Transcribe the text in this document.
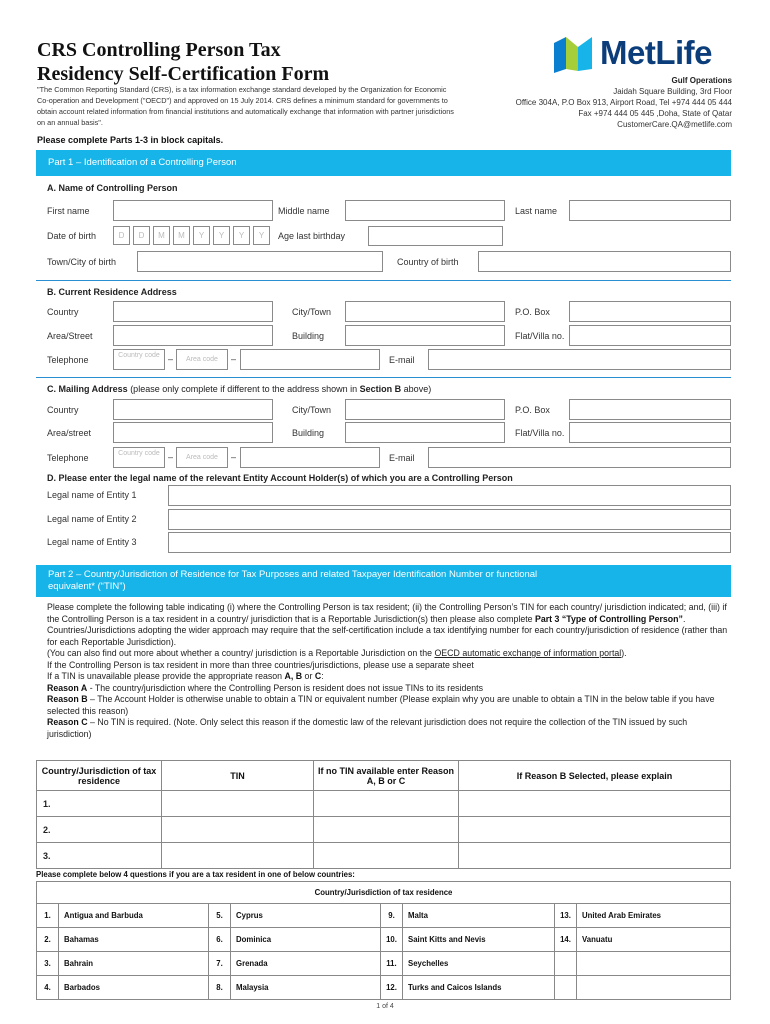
CRS Controlling Person Tax
Residency Self-Certification Form
"The Common Reporting Standard (CRS), is a tax information exchange standard developed by the Organization for Economic Co-operation and Development ("OECD") and approved on 15 July 2014. CRS defines a minimum standard for governments to obtain account related information from financial institutions and automatically exchange that information with partner jurisdictions on an annual basis".
MetLife
Gulf Operations
Jaidah Square Building, 3rd Floor
Office 304A, P.O Box 913, Airport Road, Tel +974 444 05 444
Fax +974 444 05 445 ,Doha, State of Qatar
CustomerCare.QA@metlife.com
Please complete Parts 1-3 in block capitals.
Part 1 – Identification of a Controlling Person
A. Name of Controlling Person
First name	Middle name	Last name
Date of birth	D	D	M	M	Y	Y	Y	Y	Age last birthday
Town/City of birth	Country of birth
B. Current Residence Address
Country	City/Town	P.O. Box
Area/Street	Building	Flat/Villa no.
Telephone	Country code –	Area code	–	E-mail
C. Mailing Address (please only complete if different to the address shown in Section B above)
Country	City/Town	P.O. Box
Area/street	Building	Flat/Villa no.
Telephone	Country code –	Area code	–	E-mail
D. Please enter the legal name of the relevant Entity Account Holder(s) of which you are a Controlling Person
Legal name of Entity 1
Legal name of Entity 2
Legal name of Entity 3
Part 2 – Country/Jurisdiction of Residence for Tax Purposes and related Taxpayer Identification Number or functional
equivalent* (“TIN”)
Please complete the following table indicating (i) where the Controlling Person is tax resident; (ii) the Controlling Person’s TIN for each country/ jurisdiction indicated; and, (iii) if the Controlling Person is a tax resident in a country/ jurisdiction that is a Reportable Jurisdiction(s) then please also complete Part 3 “Type of Controlling Person”. Countries/Jurisdictions adopting the wider approach may require that the self-certification include a tax identifying number for each country/jurisdiction of residence (rather than for each Reportable Jurisdiction).
(You can also find out more about whether a country/ jurisdiction is a Reportable Jurisdiction on the OECD automatic exchange of information portal).
If the Controlling Person is tax resident in more than three countries/jurisdictions, please use a separate sheet
If a TIN is unavailable please provide the appropriate reason A, B or C:
Reason A - The country/jurisdiction where the Controlling Person is resident does not issue TINs to its residents
Reason B – The Account Holder is otherwise unable to obtain a TIN or equivalent number (Please explain why you are unable to obtain a TIN in the below table if you have selected this reason)
Reason C – No TIN is required. (Note. Only select this reason if the domestic law of the relevant jurisdiction does not require the collection of the TIN issued by such jurisdiction)
Country/Jurisdiction of tax residence	TIN	If no TIN available enter Reason A, B or C	If Reason B Selected, please explain
1.			
2.			
3.			
Please complete below 4 questions if you are a tax resident in one of below countries:
Country/Jurisdiction of tax residence							
1.	Antigua and Barbuda	5.	Cyprus	9.	Malta	13.	United Arab Emirates
2.	Bahamas	6.	Dominica	10.	Saint Kitts and Nevis	14.	Vanuatu
3.	Bahrain	7.	Grenada	11.	Seychelles		
4.	Barbados	8.	Malaysia	12.	Turks and Caicos Islands		
1 of 4
